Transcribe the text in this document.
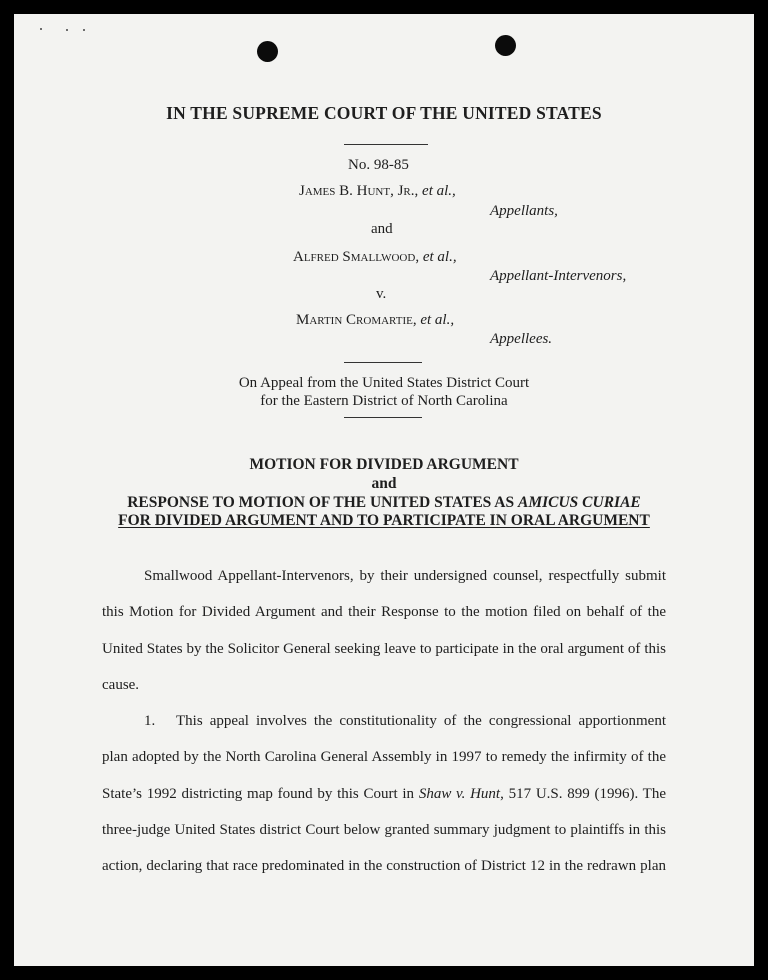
IN THE SUPREME COURT OF THE UNITED STATES
No. 98-85
James B. Hunt, Jr., et al.,
Appellants,
and
Alfred Smallwood, et al.,
Appellant-Intervenors,
v.
Martin Cromartie, et al.,
Appellees.
On Appeal from the United States District Court
for the Eastern District of North Carolina
MOTION FOR DIVIDED ARGUMENT
and
RESPONSE TO MOTION OF THE UNITED STATES AS AMICUS CURIAE
FOR DIVIDED ARGUMENT AND TO PARTICIPATE IN ORAL ARGUMENT
Smallwood Appellant-Intervenors, by their undersigned counsel, respectfully submit
this Motion for Divided Argument and their Response to the motion filed on behalf of the
United States by the Solicitor General seeking leave to participate in the oral argument of this
cause.
1. This appeal involves the constitutionality of the congressional apportionment
plan adopted by the North Carolina General Assembly in 1997 to remedy the infirmity of the
State’s 1992 districting map found by this Court in Shaw v. Hunt, 517 U.S. 899 (1996). The
three-judge United States district Court below granted summary judgment to plaintiffs in this
action, declaring that race predominated in the construction of District 12 in the redrawn plan
